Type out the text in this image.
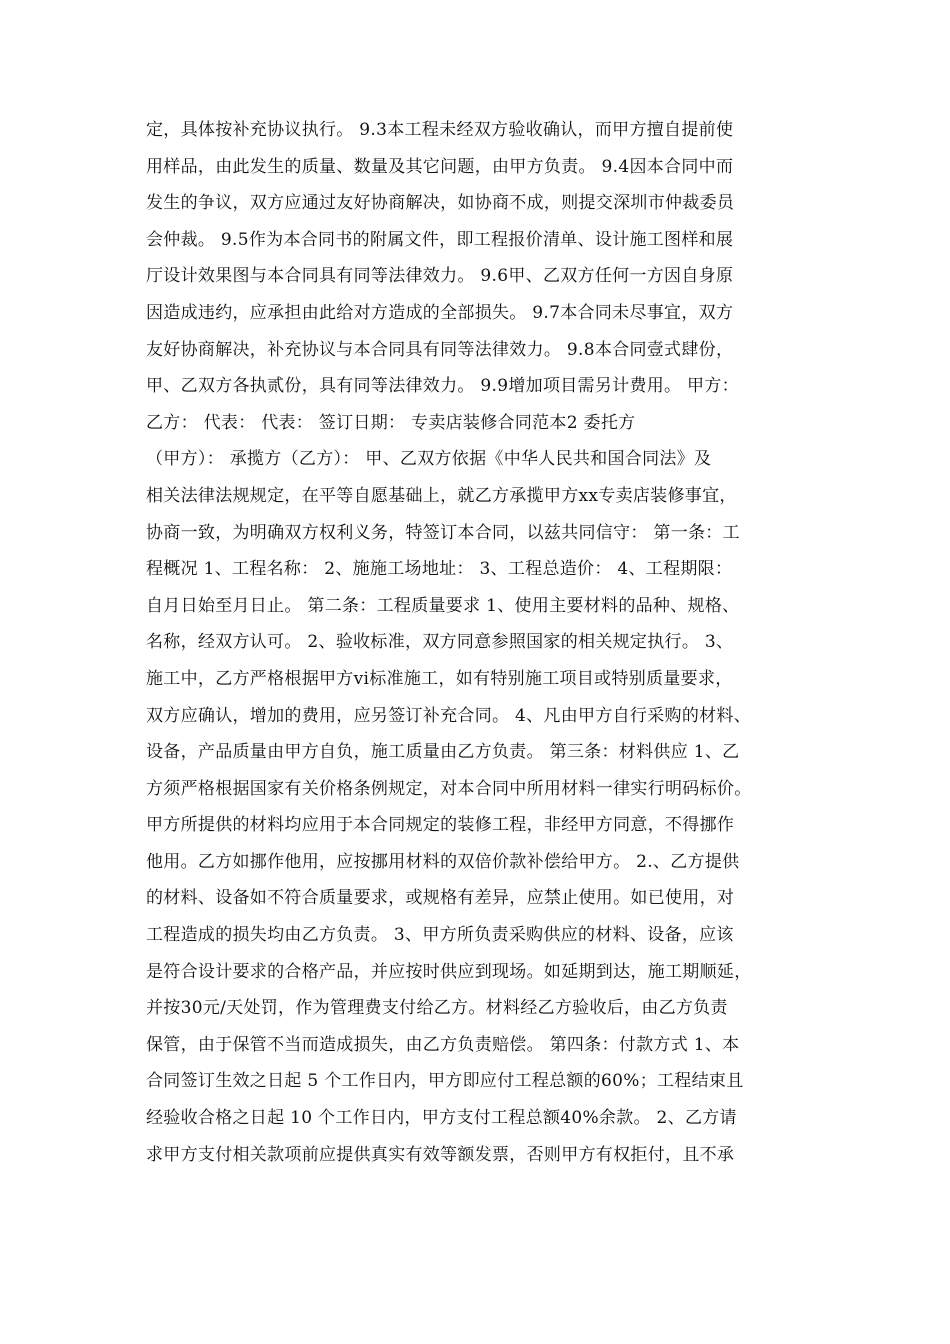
定，具体按补充协议执行。 9.3本工程未经双方验收确认，而甲方擅自提前使
用样品，由此发生的质量、数量及其它问题，由甲方负责。 9.4因本合同中而
发生的争议，双方应通过友好协商解决，如协商不成，则提交深圳市仲裁委员
会仲裁。 9.5作为本合同书的附属文件，即工程报价清单、设计施工图样和展
厅设计效果图与本合同具有同等法律效力。 9.6甲、乙双方任何一方因自身原
因造成违约，应承担由此给对方造成的全部损失。 9.7本合同未尽事宜，双方
友好协商解决，补充协议与本合同具有同等法律效力。 9.8本合同壹式肆份，
甲、乙双方各执贰份，具有同等法律效力。 9.9增加项目需另计费用。 甲方：
乙方： 代表： 代表： 签订日期： 专卖店装修合同范本2 委托方
（甲方）： 承揽方（乙方）： 甲、乙双方依据《中华人民共和国合同法》及
相关法律法规规定，在平等自愿基础上，就乙方承揽甲方xx专卖店装修事宜，
协商一致，为明确双方权利义务，特签订本合同，以兹共同信守： 第一条：工
程概况 1、工程名称： 2、施施工场地址： 3、工程总造价： 4、工程期限：
自月日始至月日止。 第二条：工程质量要求 1、使用主要材料的品种、规格、
名称，经双方认可。 2、验收标准，双方同意参照国家的相关规定执行。 3、
施工中，乙方严格根据甲方vi标准施工，如有特别施工项目或特别质量要求，
双方应确认，增加的费用，应另签订补充合同。 4、凡由甲方自行采购的材料、
设备，产品质量由甲方自负，施工质量由乙方负责。 第三条：材料供应 1、乙
方须严格根据国家有关价格条例规定，对本合同中所用材料一律实行明码标价。
甲方所提供的材料均应用于本合同规定的装修工程，非经甲方同意，不得挪作
他用。乙方如挪作他用，应按挪用材料的双倍价款补偿给甲方。 2.、乙方提供
的材料、设备如不符合质量要求，或规格有差异，应禁止使用。如已使用，对
工程造成的损失均由乙方负责。 3、甲方所负责采购供应的材料、设备，应该
是符合设计要求的合格产品，并应按时供应到现场。如延期到达，施工期顺延，
并按30元/天处罚，作为管理费支付给乙方。材料经乙方验收后，由乙方负责
保管，由于保管不当而造成损失，由乙方负责赔偿。 第四条：付款方式 1、本
合同签订生效之日起 5 个工作日内，甲方即应付工程总额的60%；工程结束且
经验收合格之日起 10 个工作日内，甲方支付工程总额40%余款。 2、乙方请
求甲方支付相关款项前应提供真实有效等额发票，否则甲方有权拒付，且不承
